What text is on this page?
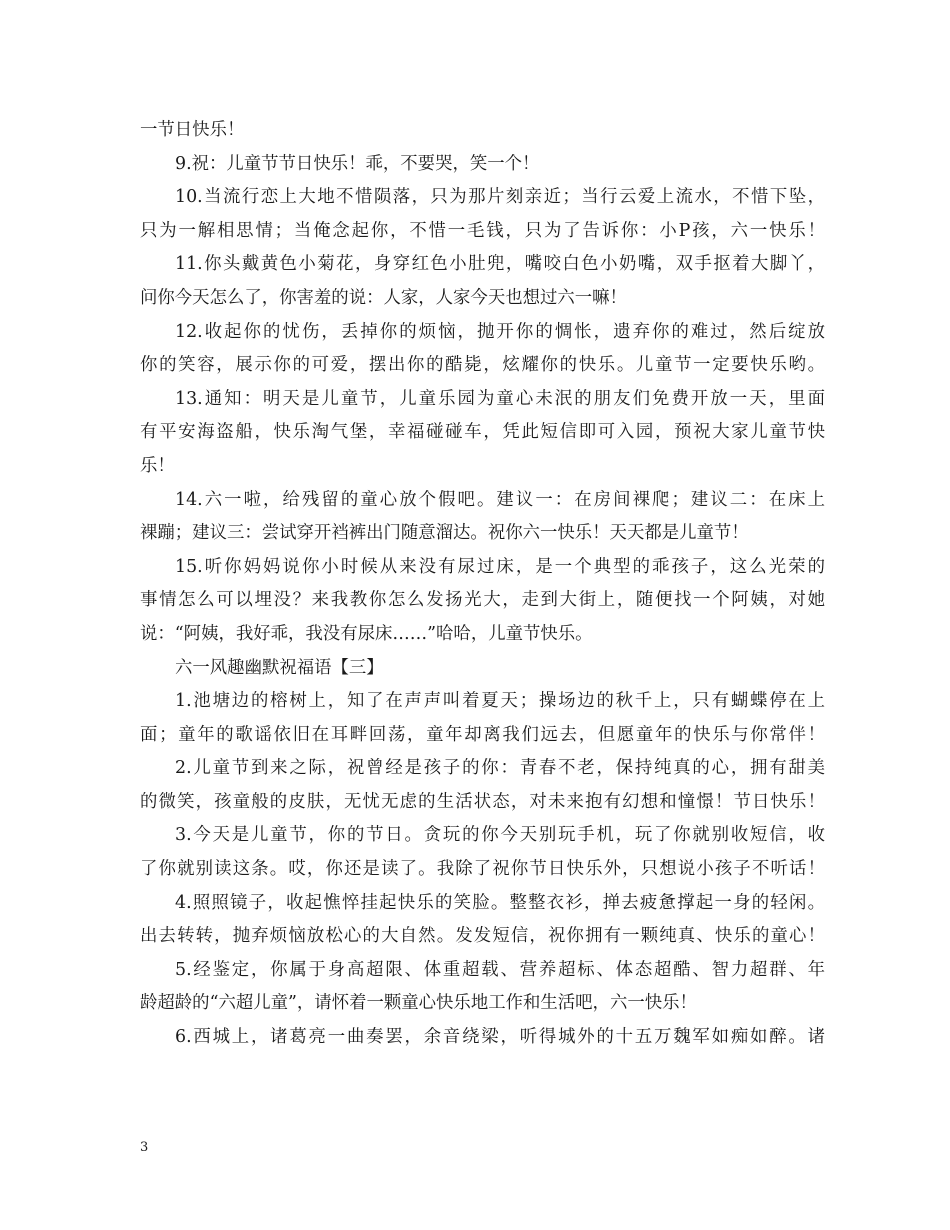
一节日快乐！
9.祝：儿童节节日快乐！乖，不要哭，笑一个！
10.当流行恋上大地不惜陨落，只为那片刻亲近；当行云爱上流水，不惜下坠，
只为一解相思情；当俺念起你，不惜一毛钱，只为了告诉你：小P孩，六一快乐！
11.你头戴黄色小菊花，身穿红色小肚兜，嘴咬白色小奶嘴，双手抠着大脚丫，
问你今天怎么了，你害羞的说：人家，人家今天也想过六一嘛！
12.收起你的忧伤，丢掉你的烦恼，抛开你的惆怅，遗弃你的难过，然后绽放
你的笑容，展示你的可爱，摆出你的酷毙，炫耀你的快乐。儿童节一定要快乐哟。
13.通知：明天是儿童节，儿童乐园为童心未泯的朋友们免费开放一天，里面
有平安海盗船，快乐淘气堡，幸福碰碰车，凭此短信即可入园，预祝大家儿童节快
乐！
14.六一啦，给残留的童心放个假吧。建议一：在房间裸爬；建议二：在床上
裸蹦；建议三：尝试穿开裆裤出门随意溜达。祝你六一快乐！天天都是儿童节！
15.听你妈妈说你小时候从来没有尿过床，是一个典型的乖孩子，这么光荣的
事情怎么可以埋没？来我教你怎么发扬光大，走到大街上，随便找一个阿姨，对她
说：“阿姨，我好乖，我没有尿床……”哈哈，儿童节快乐。
六一风趣幽默祝福语【三】
1.池塘边的榕树上，知了在声声叫着夏天；操场边的秋千上，只有蝴蝶停在上
面；童年的歌谣依旧在耳畔回荡，童年却离我们远去，但愿童年的快乐与你常伴！
2.儿童节到来之际，祝曾经是孩子的你：青春不老，保持纯真的心，拥有甜美
的微笑，孩童般的皮肤，无忧无虑的生活状态，对未来抱有幻想和憧憬！节日快乐！
3.今天是儿童节，你的节日。贪玩的你今天别玩手机，玩了你就别收短信，收
了你就别读这条。哎，你还是读了。我除了祝你节日快乐外，只想说小孩子不听话！
4.照照镜子，收起憔悴挂起快乐的笑脸。整整衣衫，掸去疲惫撑起一身的轻闲。
出去转转，抛弃烦恼放松心的大自然。发发短信，祝你拥有一颗纯真、快乐的童心！
5.经鉴定，你属于身高超限、体重超载、营养超标、体态超酷、智力超群、年
龄超龄的“六超儿童”，请怀着一颗童心快乐地工作和生活吧，六一快乐！
6.西城上，诸葛亮一曲奏罢，余音绕梁，听得城外的十五万魏军如痴如醉。诸
3
